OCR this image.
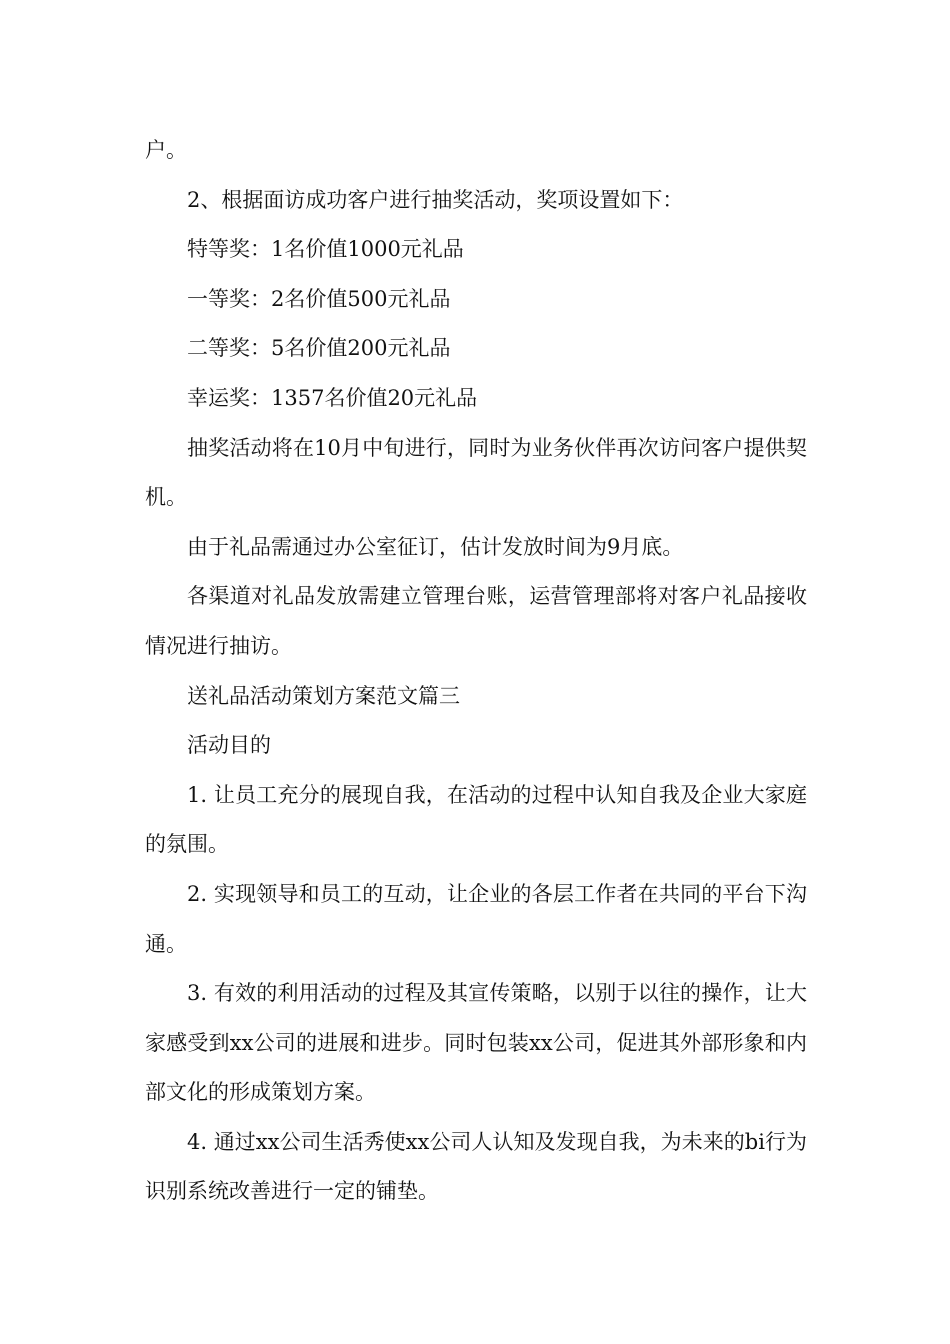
户。

2、根据面访成功客户进行抽奖活动，奖项设置如下：

特等奖：1名价值1000元礼品

一等奖：2名价值500元礼品

二等奖：5名价值200元礼品

幸运奖：1357名价值20元礼品

抽奖活动将在10月中旬进行，同时为业务伙伴再次访问客户提供契机。

由于礼品需通过办公室征订，估计发放时间为9月底。

各渠道对礼品发放需建立管理台账，运营管理部将对客户礼品接收情况进行抽访。

送礼品活动策划方案范文篇三

活动目的

1. 让员工充分的展现自我，在活动的过程中认知自我及企业大家庭的氛围。

2. 实现领导和员工的互动，让企业的各层工作者在共同的平台下沟通。

3. 有效的利用活动的过程及其宣传策略，以别于以往的操作，让大家感受到xx公司的进展和进步。同时包装xx公司，促进其外部形象和内部文化的形成策划方案。

4. 通过xx公司生活秀使xx公司人认知及发现自我，为未来的bi行为识别系统改善进行一定的铺垫。
